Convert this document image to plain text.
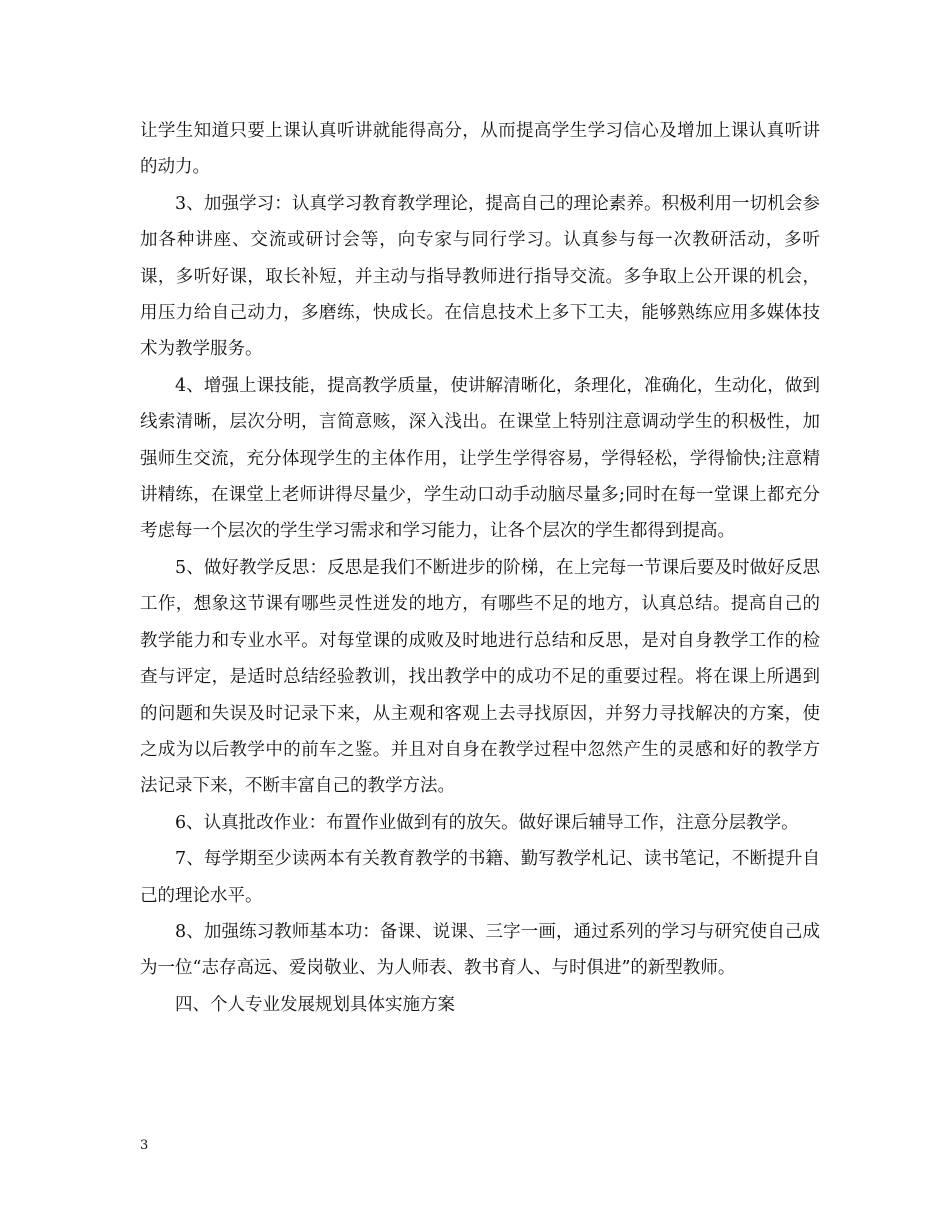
让学生知道只要上课认真听讲就能得高分，从而提高学生学习信心及增加上课认真听讲的动力。

3、加强学习：认真学习教育教学理论，提高自己的理论素养。积极利用一切机会参加各种讲座、交流或研讨会等，向专家与同行学习。认真参与每一次教研活动，多听课，多听好课，取长补短，并主动与指导教师进行指导交流。多争取上公开课的机会，用压力给自己动力，多磨练，快成长。在信息技术上多下工夫，能够熟练应用多媒体技术为教学服务。

4、增强上课技能，提高教学质量，使讲解清晰化，条理化，准确化，生动化，做到线索清晰，层次分明，言简意赅，深入浅出。在课堂上特别注意调动学生的积极性，加强师生交流，充分体现学生的主体作用，让学生学得容易，学得轻松，学得愉快;注意精讲精练，在课堂上老师讲得尽量少，学生动口动手动脑尽量多;同时在每一堂课上都充分考虑每一个层次的学生学习需求和学习能力，让各个层次的学生都得到提高。

5、做好教学反思：反思是我们不断进步的阶梯，在上完每一节课后要及时做好反思工作，想象这节课有哪些灵性迸发的地方，有哪些不足的地方，认真总结。提高自己的教学能力和专业水平。对每堂课的成败及时地进行总结和反思，是对自身教学工作的检查与评定，是适时总结经验教训，找出教学中的成功不足的重要过程。将在课上所遇到的问题和失误及时记录下来，从主观和客观上去寻找原因，并努力寻找解决的方案，使之成为以后教学中的前车之鉴。并且对自身在教学过程中忽然产生的灵感和好的教学方法记录下来，不断丰富自己的教学方法。

6、认真批改作业：布置作业做到有的放矢。做好课后辅导工作，注意分层教学。

7、每学期至少读两本有关教育教学的书籍、勤写教学札记、读书笔记，不断提升自己的理论水平。

8、加强练习教师基本功：备课、说课、三字一画，通过系列的学习与研究使自己成为一位“志存高远、爱岗敬业、为人师表、教书育人、与时俱进”的新型教师。

四、个人专业发展规划具体实施方案

3
